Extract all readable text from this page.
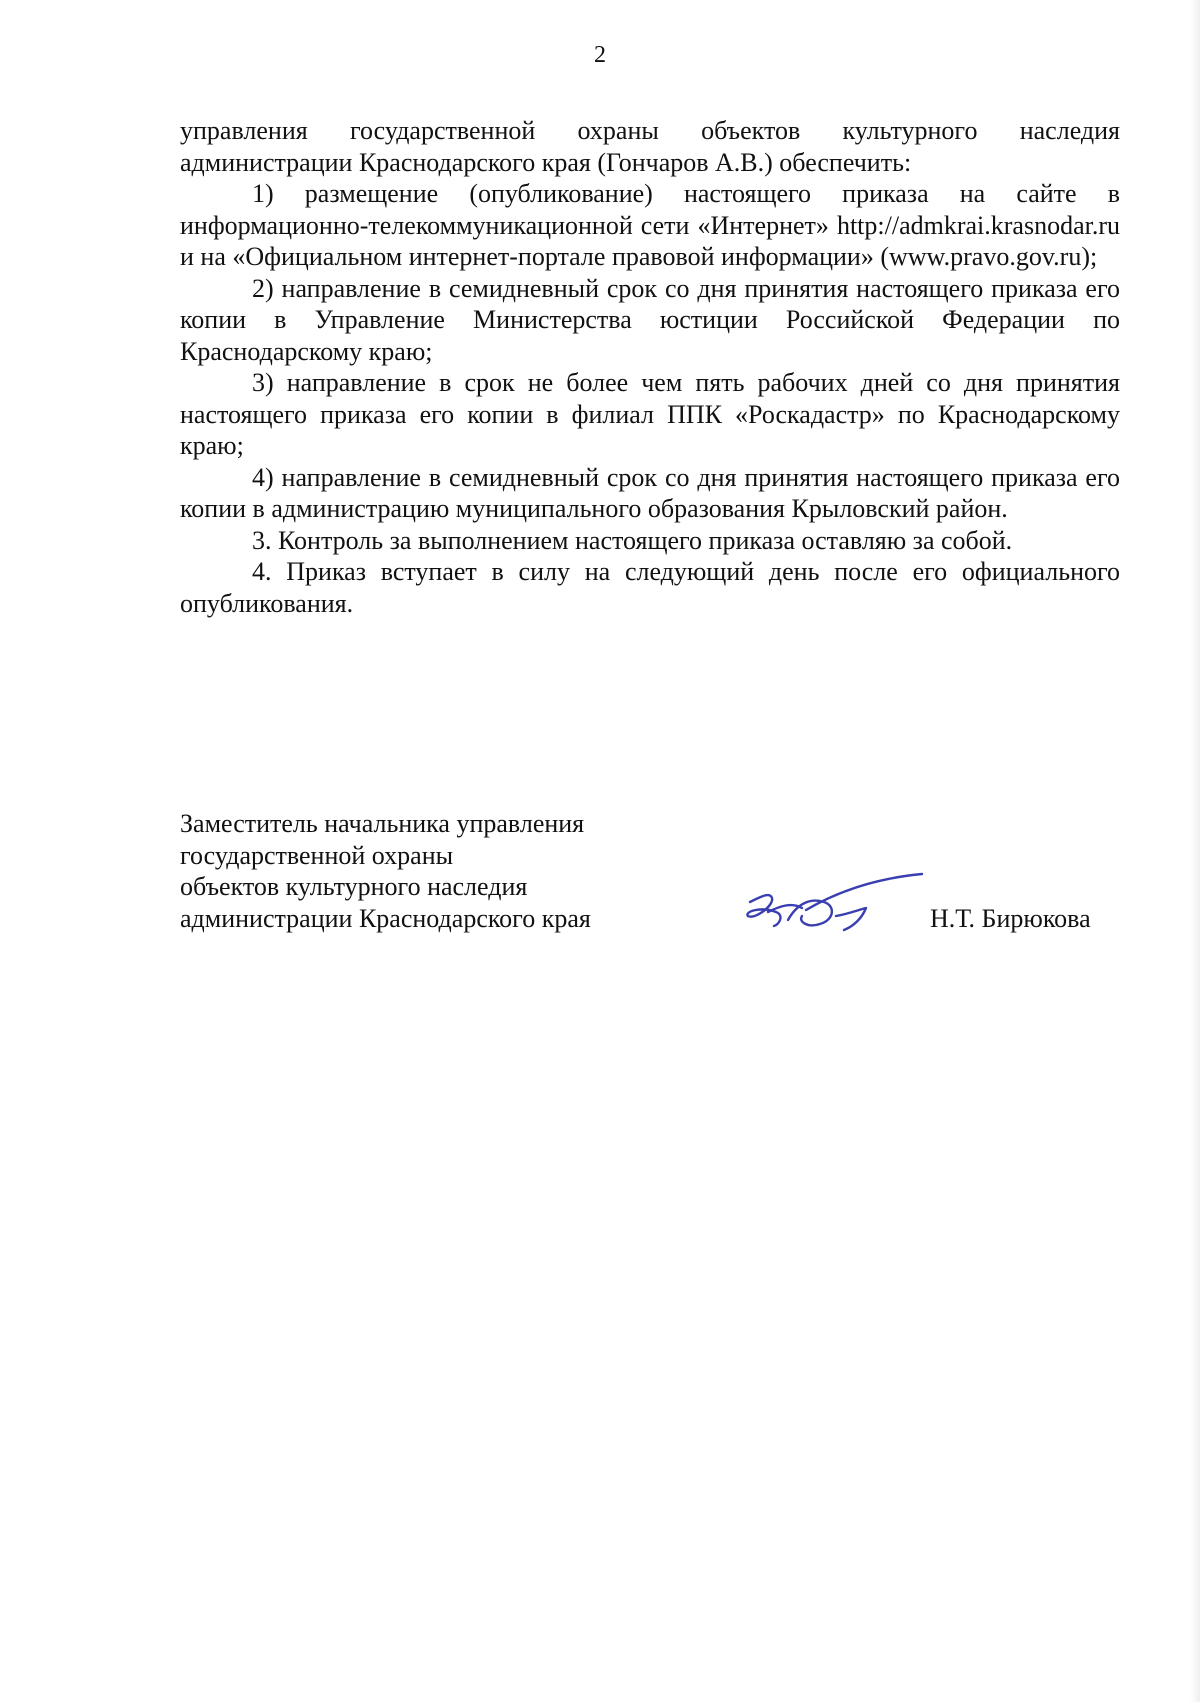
2

управления государственной охраны объектов культурного наследия администрации Краснодарского края (Гончаров А.В.) обеспечить:

1) размещение (опубликование) настоящего приказа на сайте в информационно-телекоммуникационной сети «Интернет» http://admkrai.krasnodar.ru и на «Официальном интернет-портале правовой информации» (www.pravo.gov.ru);

2) направление в семидневный срок со дня принятия настоящего приказа его копии в Управление Министерства юстиции Российской Федерации по Краснодарскому краю;

3) направление в срок не более чем пять рабочих дней со дня принятия настоящего приказа его копии в филиал ППК «Роскадастр» по Краснодарскому краю;

4) направление в семидневный срок со дня принятия настоящего приказа его копии в администрацию муниципального образования Крыловский район.

3. Контроль за выполнением настоящего приказа оставляю за собой.

4. Приказ вступает в силу на следующий день после его официального опубликования.

Заместитель начальника управления
государственной охраны
объектов культурного наследия
администрации Краснодарского края	Н.Т. Бирюкова
